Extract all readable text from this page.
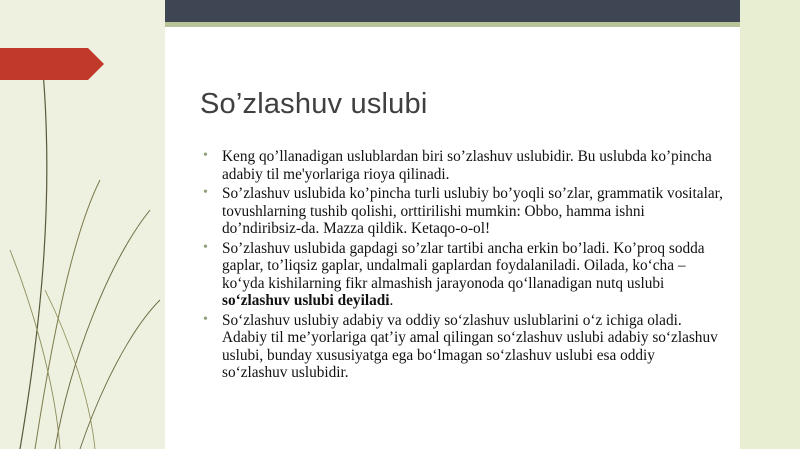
So’zlashuv uslubi
• Keng qo’llanadigan uslublardan biri so’zlashuv uslubidir. Bu uslubda ko’pincha adabiy til me'yorlariga rioya qilinadi.
• So’zlashuv uslubida ko’pincha turli uslubiy bo’yoqli so’zlar, grammatik vositalar, tovushlarning tushib qolishi, orttirilishi mumkin: Obbo, hamma ishni do’ndiribsiz-da. Mazza qildik. Ketaqo-o-ol!
• So’zlashuv uslubida gapdagi so’zlar tartibi ancha erkin bo’ladi. Ko’proq sodda gaplar, to’liqsiz gaplar, undalmali gaplardan foydalaniladi. Oilada, ko‘cha – ko‘yda kishilarning fikr almashish jarayonoda qo‘llanadigan nutq uslubi so‘zlashuv uslubi deyiladi.
• So‘zlashuv uslubiy adabiy va oddiy so‘zlashuv uslublarini o‘z ichiga oladi. Adabiy til me’yorlariga qat’iy amal qilingan so‘zlashuv uslubi adabiy so‘zlashuv uslubi, bunday xususiyatga ega bo‘lmagan so‘zlashuv uslubi esa oddiy so‘zlashuv uslubidir.
